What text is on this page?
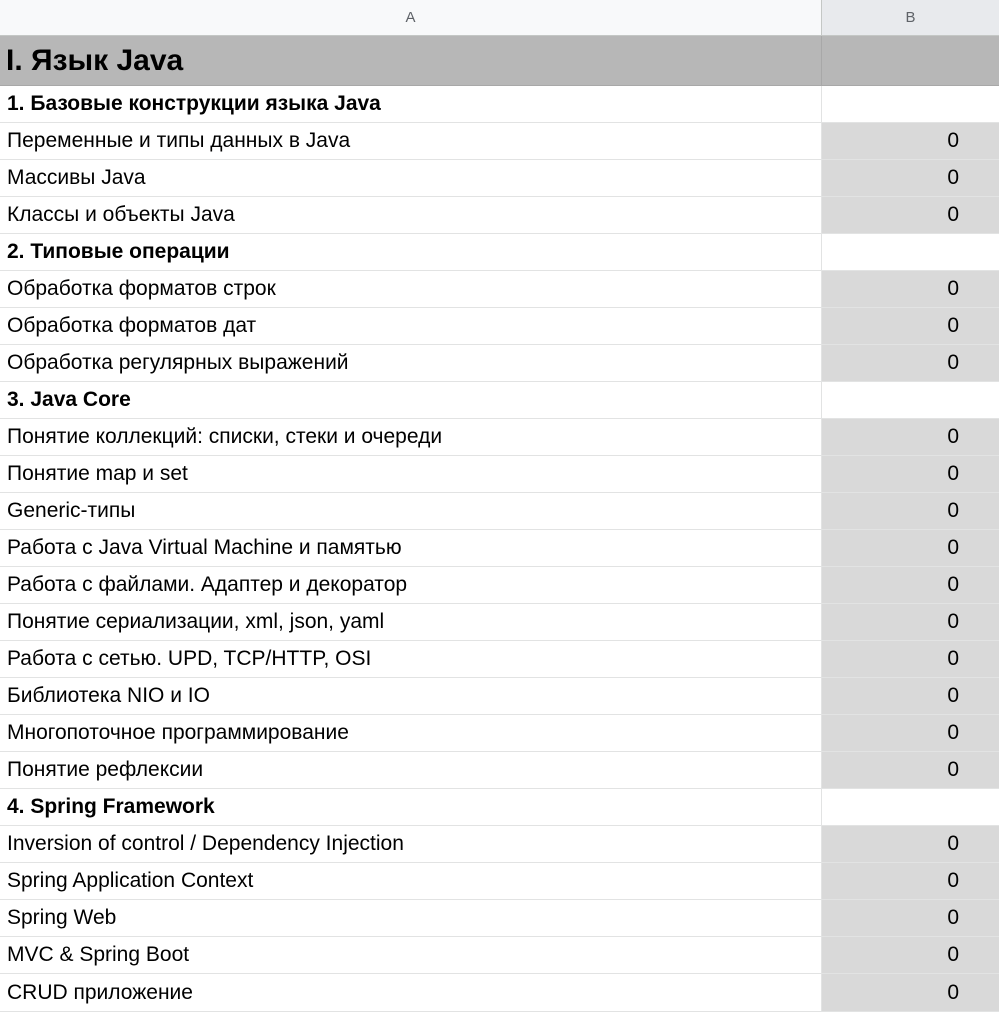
A	B
I. Язык Java
1. Базовые конструкции языка Java
Переменные и типы данных в Java	0
Массивы Java	0
Классы и объекты Java	0
2. Типовые операции
Обработка форматов строк	0
Обработка форматов дат	0
Обработка регулярных выражений	0
3. Java Core
Понятие коллекций: списки, стеки и очереди	0
Понятие map и set	0
Generic-типы	0
Работа с Java Virtual Machine и памятью	0
Работа с файлами. Адаптер и декоратор	0
Понятие сериализации, xml, json, yaml	0
Работа с сетью. UPD, TCP/HTTP, OSI	0
Библиотека NIO и IO	0
Многопоточное программирование	0
Понятие рефлексии	0
4. Spring Framework
Inversion of control / Dependency Injection	0
Spring Application Context	0
Spring Web	0
MVC & Spring Boot	0
CRUD приложение	0
